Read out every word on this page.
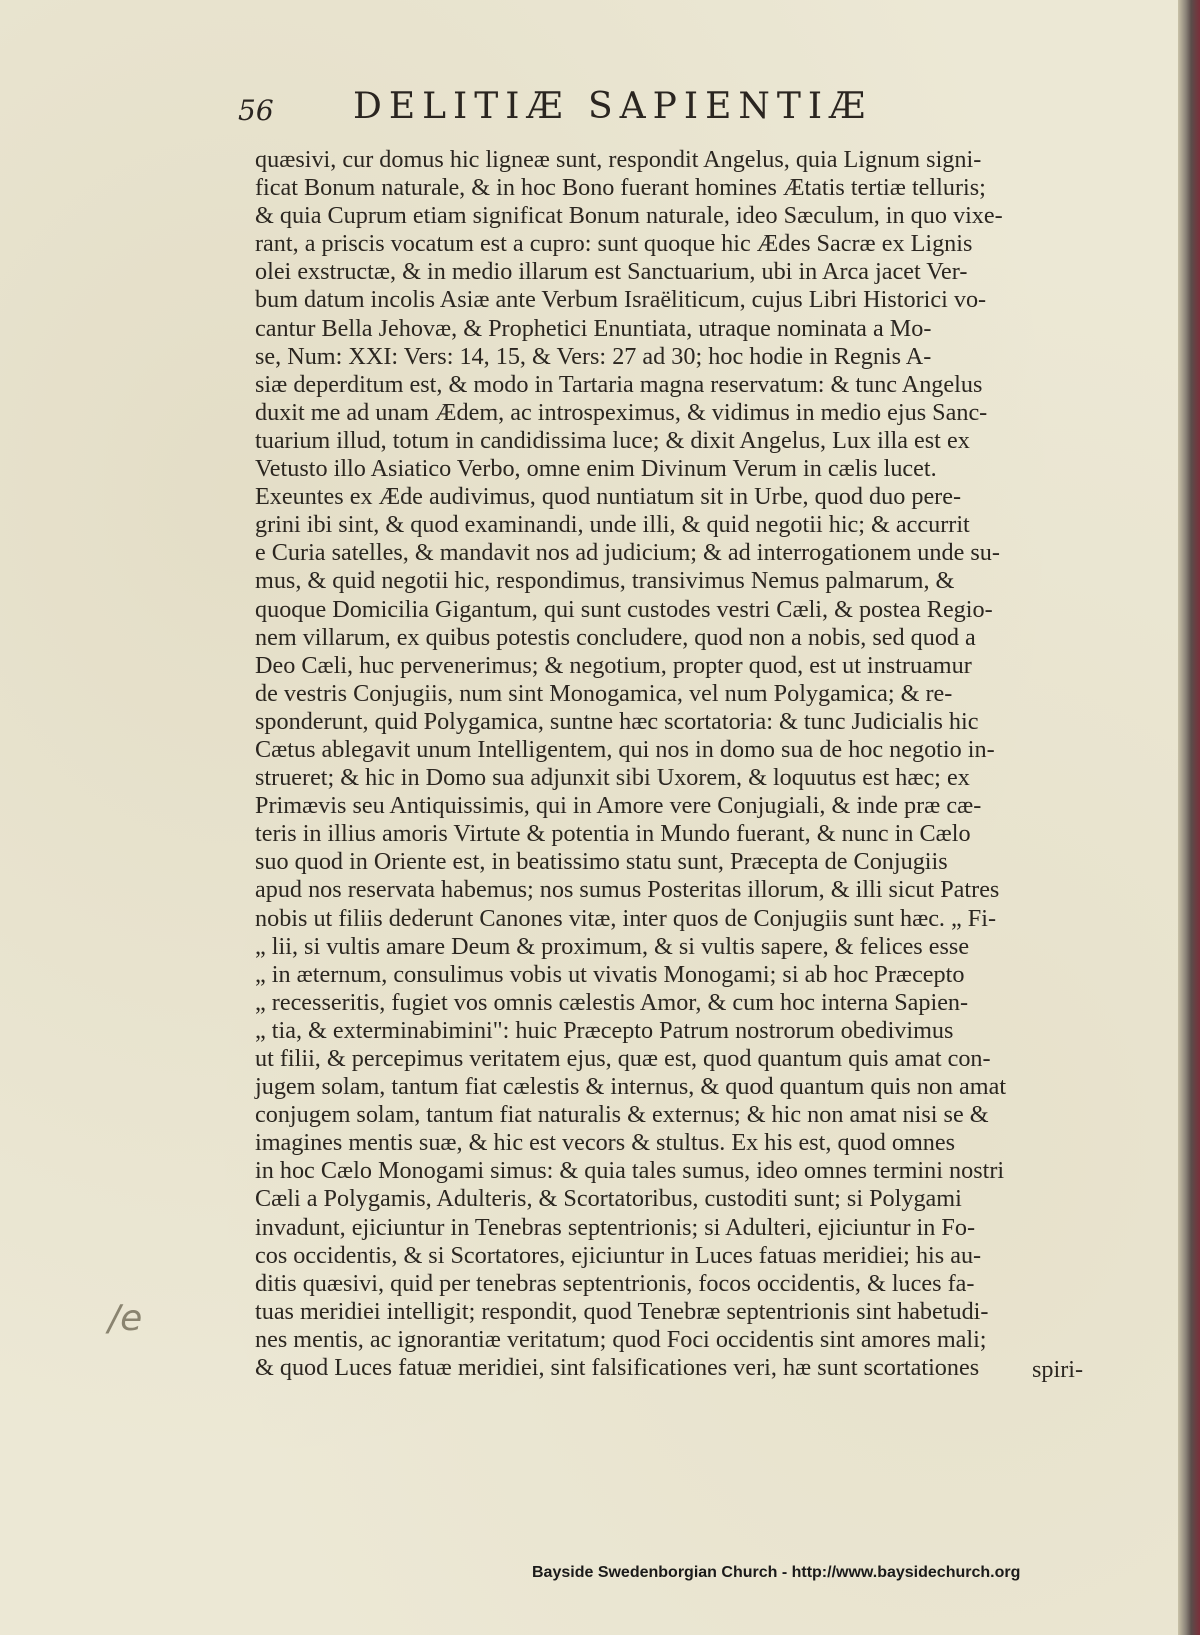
56 DELITIÆ SAPIENTIÆ
quæsivi, cur domus hic ligneæ sunt, respondit Angelus, quia Lignum signi-
ficat Bonum naturale, & in hoc Bono fuerant homines Ætatis tertiæ telluris;
& quia Cuprum etiam significat Bonum naturale, ideo Sæculum, in quo vixe-
rant, a priscis vocatum est a cupro: sunt quoque hic Ædes Sacræ ex Lignis
olei exstructæ, & in medio illarum est Sanctuarium, ubi in Arca jacet Ver-
bum datum incolis Asiæ ante Verbum Israëliticum, cujus Libri Historici vo-
cantur Bella Jehovæ, & Prophetici Enuntiata, utraque nominata a Mo-
se, Num: XXI: Vers: 14, 15, & Vers: 27 ad 30; hoc hodie in Regnis A-
siæ deperditum est, & modo in Tartaria magna reservatum: & tunc Angelus
duxit me ad unam Ædem, ac introspeximus, & vidimus in medio ejus Sanc-
tuarium illud, totum in candidissima luce; & dixit Angelus, Lux illa est ex
Vetusto illo Asiatico Verbo, omne enim Divinum Verum in cælis lucet.
Exeuntes ex Æde audivimus, quod nuntiatum sit in Urbe, quod duo pere-
grini ibi sint, & quod examinandi, unde illi, & quid negotii hic; & accurrit
e Curia satelles, & mandavit nos ad judicium; & ad interrogationem unde su-
mus, & quid negotii hic, respondimus, transivimus Nemus palmarum, &
quoque Domicilia Gigantum, qui sunt custodes vestri Cæli, & postea Regio-
nem villarum, ex quibus potestis concludere, quod non a nobis, sed quod a
Deo Cæli, huc pervenerimus; & negotium, propter quod, est ut instruamur
de vestris Conjugiis, num sint Monogamica, vel num Polygamica; & re-
sponderunt, quid Polygamica, suntne hæc scortatoria: & tunc Judicialis hic
Cætus ablegavit unum Intelligentem, qui nos in domo sua de hoc negotio in-
strueret; & hic in Domo sua adjunxit sibi Uxorem, & loquutus est hæc; ex
Primævis seu Antiquissimis, qui in Amore vere Conjugiali, & inde præ cæ-
teris in illius amoris Virtute & potentia in Mundo fuerant, & nunc in Cælo
suo quod in Oriente est, in beatissimo statu sunt, Præcepta de Conjugiis
apud nos reservata habemus; nos sumus Posteritas illorum, & illi sicut Patres
nobis ut filiis dederunt Canones vitæ, inter quos de Conjugiis sunt hæc. „ Fi-
„ lii, si vultis amare Deum & proximum, & si vultis sapere, & felices esse
„ in æternum, consulimus vobis ut vivatis Monogami; si ab hoc Præcepto
„ recesseritis, fugiet vos omnis cælestis Amor, & cum hoc interna Sapien-
„ tia, & exterminabimini": huic Præcepto Patrum nostrorum obedivimus
ut filii, & percepimus veritatem ejus, quæ est, quod quantum quis amat con-
jugem solam, tantum fiat cælestis & internus, & quod quantum quis non amat
conjugem solam, tantum fiat naturalis & externus; & hic non amat nisi se &
imagines mentis suæ, & hic est vecors & stultus. Ex his est, quod omnes
in hoc Cælo Monogami simus: & quia tales sumus, ideo omnes termini nostri
Cæli a Polygamis, Adulteris, & Scortatoribus, custoditi sunt; si Polygami
invadunt, ejiciuntur in Tenebras septentrionis; si Adulteri, ejiciuntur in Fo-
cos occidentis, & si Scortatores, ejiciuntur in Luces fatuas meridiei; his au-
ditis quæsivi, quid per tenebras septentrionis, focos occidentis, & luces fa-
tuas meridiei intelligit; respondit, quod Tenebræ septentrionis sint habetudi-
nes mentis, ac ignorantiæ veritatum; quod Foci occidentis sint amores mali;
& quod Luces fatuæ meridiei, sint falsificationes veri, hæ sunt scortationes	spiri-
/e
Bayside Swedenborgian Church - http://www.baysidechurch.org
